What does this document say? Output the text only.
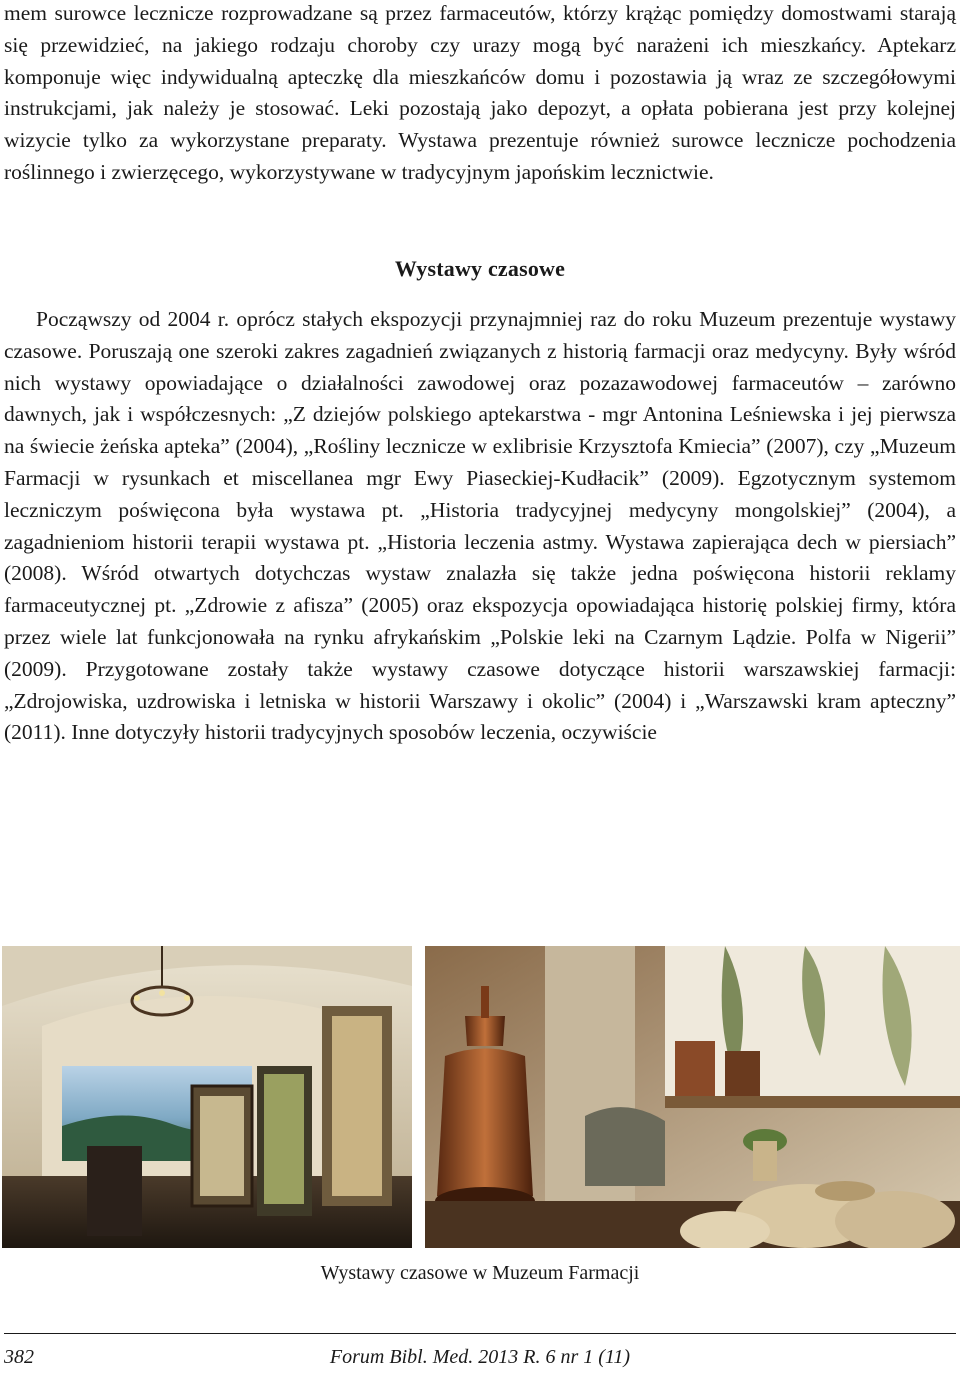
mem surowce lecznicze rozprowadzane są przez farmaceutów, którzy krążąc pomiędzy domostwami starają się przewidzieć, na jakiego rodzaju choroby czy urazy mogą być narażeni ich mieszkańcy. Aptekarz komponuje więc indywidualną apteczkę dla mieszkańców domu i pozostawia ją wraz ze szczegółowymi instrukcjami, jak należy je stosować. Leki pozostają jako depozyt, a opłata pobierana jest przy kolejnej wizycie tylko za wykorzystane preparaty. Wystawa prezentuje również surowce lecznicze pochodzenia roślinnego i zwierzęcego, wykorzystywane w tradycyjnym japońskim lecznictwie.

Wystawy czasowe

Począwszy od 2004 r. oprócz stałych ekspozycji przynajmniej raz do roku Muzeum prezentuje wystawy czasowe. Poruszają one szeroki zakres zagadnień związanych z historią farmacji oraz medycyny. Były wśród nich wystawy opowiadające o działalności zawodowej oraz pozazawodowej farmaceutów – zarówno dawnych, jak i współczesnych: „Z dziejów polskiego aptekarstwa - mgr Antonina Leśniewska i jej pierwsza na świecie żeńska apteka” (2004), „Rośliny lecznicze w exlibrisie Krzysztofa Kmiecia” (2007), czy „Muzeum Farmacji w rysunkach et miscellanea mgr Ewy Piaseckiej-Kudłacik” (2009). Egzotycznym systemom leczniczym poświęcona była wystawa pt. „Historia tradycyjnej medycyny mongolskiej” (2004), a zagadnieniom historii terapii wystawa pt. „Historia leczenia astmy. Wystawa zapierająca dech w piersiach” (2008). Wśród otwartych dotychczas wystaw znalazła się także jedna poświęcona historii reklamy farmaceutycznej pt. „Zdrowie z afisza” (2005) oraz ekspozycja opowiadająca historię polskiej firmy, która przez wiele lat funkcjonowała na rynku afrykańskim „Polskie leki na Czarnym Lądzie. Polfa w Nigerii” (2009). Przygotowane zostały także wystawy czasowe dotyczące historii warszawskiej farmacji: „Zdrojowiska, uzdrowiska i letniska w historii Warszawy i okolic” (2004) i „Warszawski kram apteczny” (2011). Inne dotyczyły historii tradycyjnych sposobów leczenia, oczywiście

Wystawy czasowe w Muzeum Farmacji
382	Forum Bibl. Med. 2013 R. 6 nr 1 (11)
